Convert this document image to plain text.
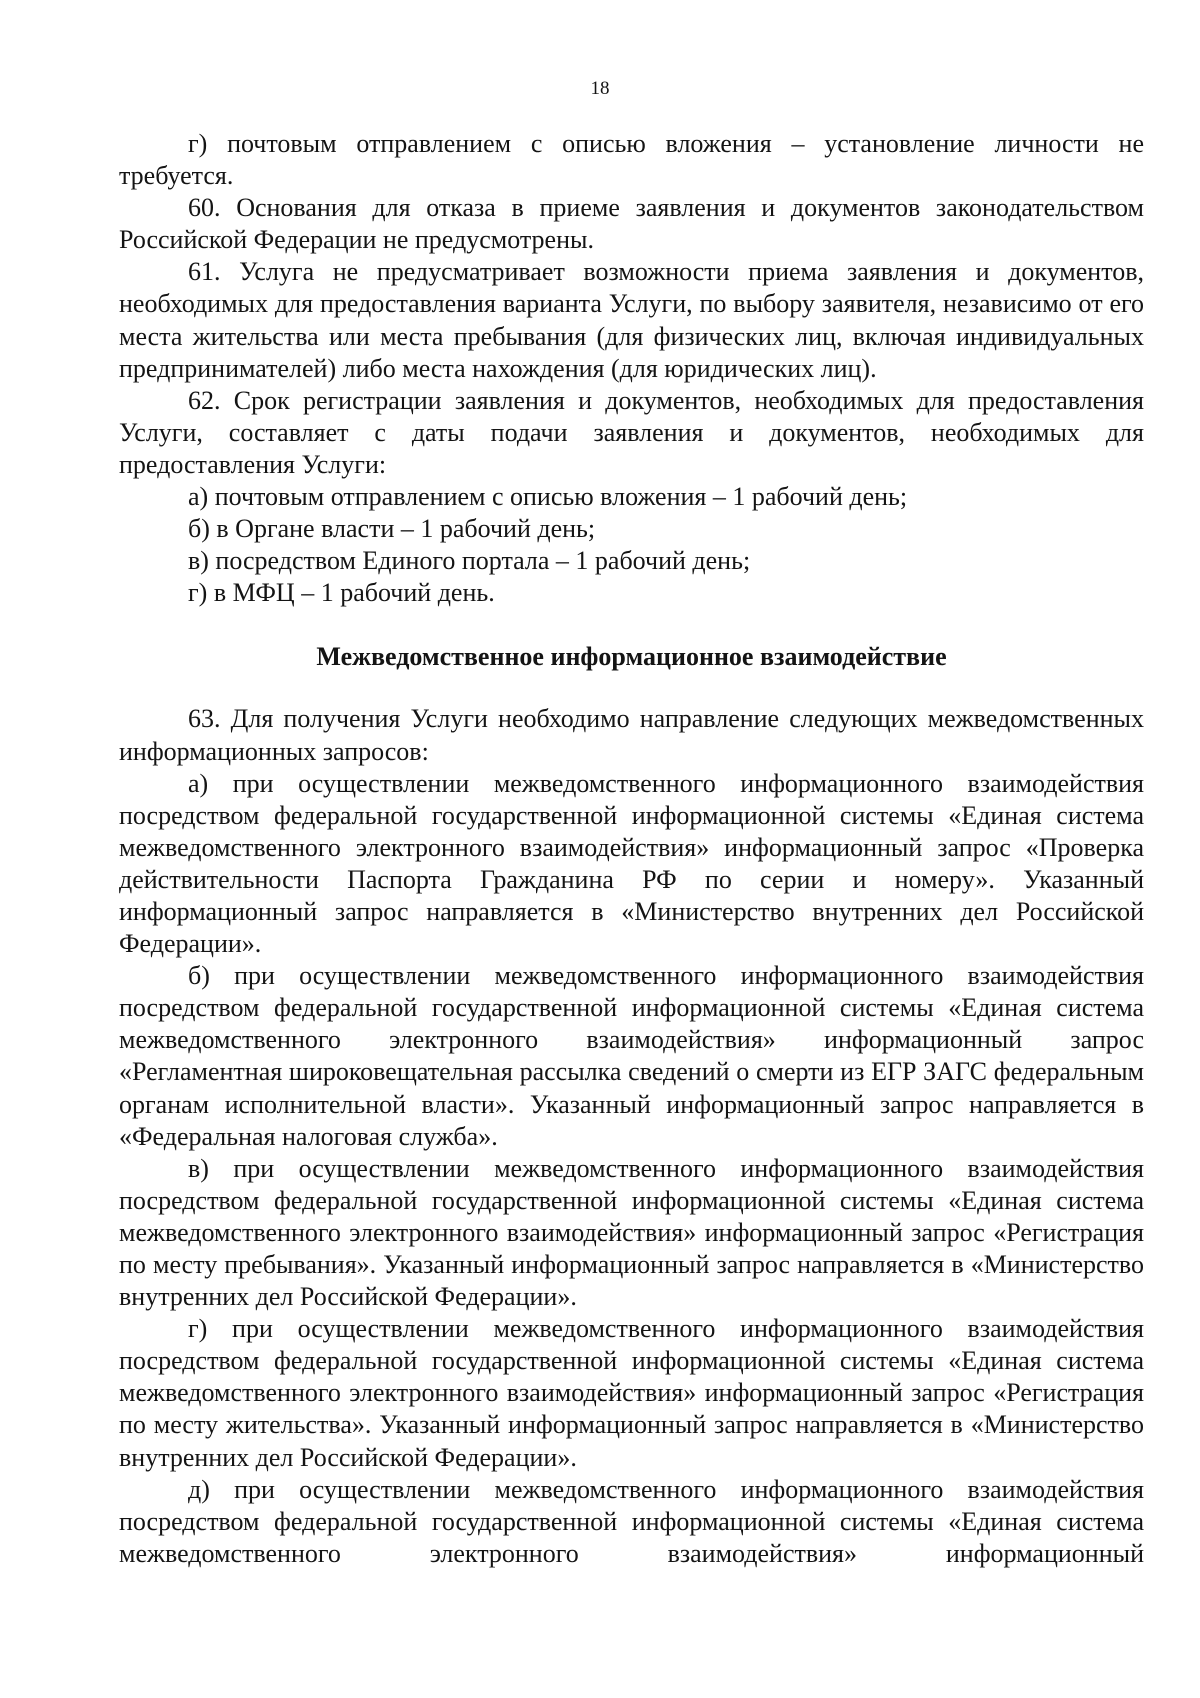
18

г) почтовым отправлением с описью вложения – установление личности не требуется.

60. Основания для отказа в приеме заявления и документов законодательством Российской Федерации не предусмотрены.

61. Услуга не предусматривает возможности приема заявления и документов, необходимых для предоставления варианта Услуги, по выбору заявителя, независимо от его места жительства или места пребывания (для физических лиц, включая индивидуальных предпринимателей) либо места нахождения (для юридических лиц).

62. Срок регистрации заявления и документов, необходимых для предоставления Услуги, составляет с даты подачи заявления и документов, необходимых для предоставления Услуги:

а) почтовым отправлением с описью вложения – 1 рабочий день;

б) в Органе власти – 1 рабочий день;

в) посредством Единого портала – 1 рабочий день;

г) в МФЦ – 1 рабочий день.

Межведомственное информационное взаимодействие

63. Для получения Услуги необходимо направление следующих межведомственных информационных запросов:

а) при осуществлении межведомственного информационного взаимодействия посредством федеральной государственной информационной системы «Единая система межведомственного электронного взаимодействия» информационный запрос «Проверка действительности Паспорта Гражданина РФ по серии и номеру». Указанный информационный запрос направляется в «Министерство внутренних дел Российской Федерации».

б) при осуществлении межведомственного информационного взаимодействия посредством федеральной государственной информационной системы «Единая система межведомственного электронного взаимодействия» информационный запрос «Регламентная широковещательная рассылка сведений о смерти из ЕГР ЗАГС федеральным органам исполнительной власти». Указанный информационный запрос направляется в «Федеральная налоговая служба».

в) при осуществлении межведомственного информационного взаимодействия посредством федеральной государственной информационной системы «Единая система межведомственного электронного взаимодействия» информационный запрос «Регистрация по месту пребывания». Указанный информационный запрос направляется в «Министерство внутренних дел Российской Федерации».

г) при осуществлении межведомственного информационного взаимодействия посредством федеральной государственной информационной системы «Единая система межведомственного электронного взаимодействия» информационный запрос «Регистрация по месту жительства». Указанный информационный запрос направляется в «Министерство внутренних дел Российской Федерации».

д) при осуществлении межведомственного информационного взаимодействия посредством федеральной государственной информационной системы «Единая система межведомственного электронного взаимодействия» информационный
